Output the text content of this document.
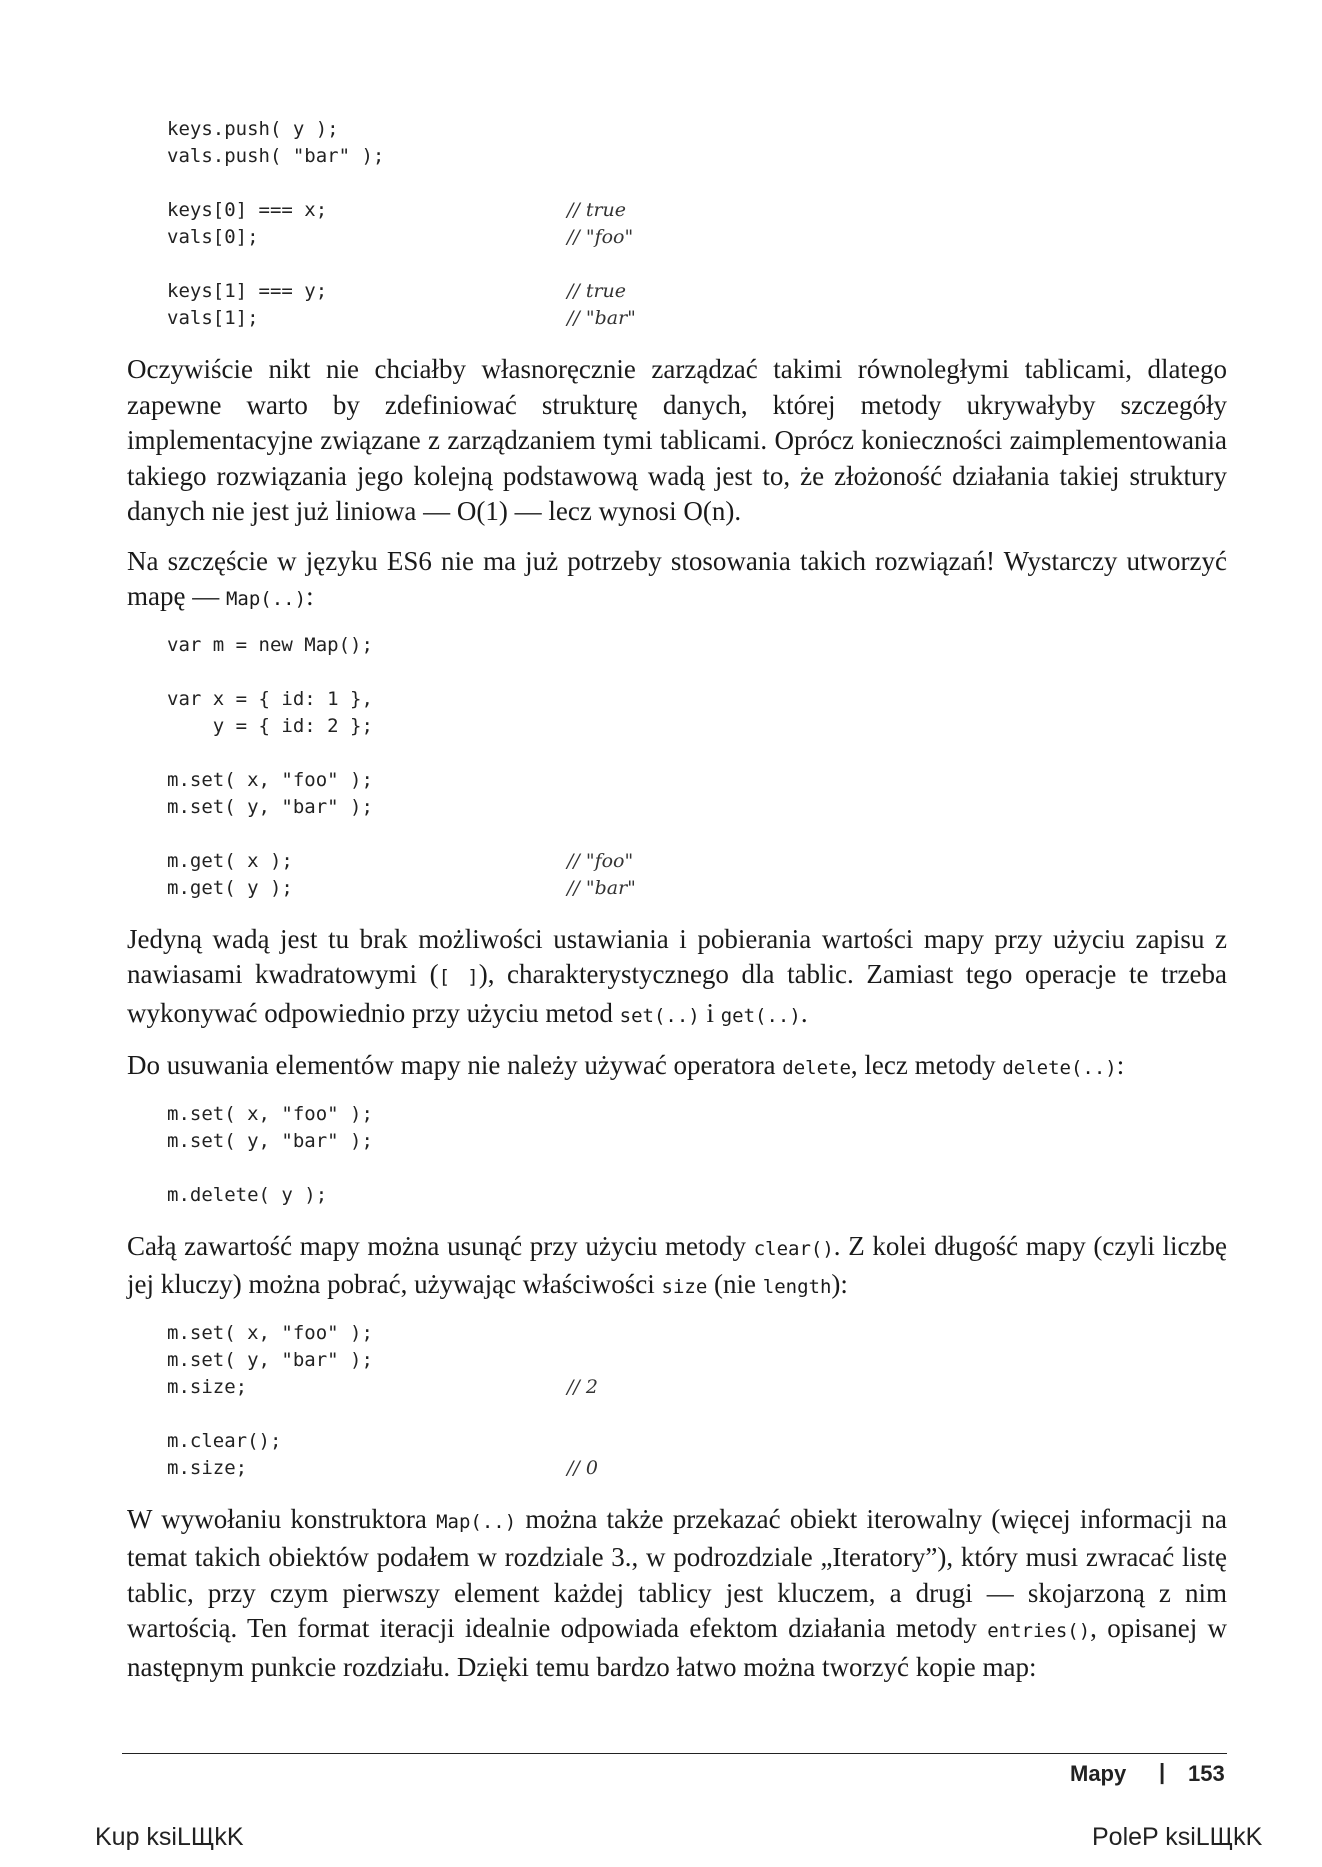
keys.push( y );
vals.push( "bar" );
keys[0] === x;	// true
vals[0];	// "foo"
keys[1] === y;	// true
vals[1];	// "bar"

Oczywiście nikt nie chciałby własnoręcznie zarządzać takimi równoległymi tablicami, dlatego zapewne warto by zdefiniować strukturę danych, której metody ukrywałyby szczegóły implementacyjne związane z zarządzaniem tymi tablicami. Oprócz konieczności zaimplementowania takiego rozwiązania jego kolejną podstawową wadą jest to, że złożoność działania takiej struktury danych nie jest już liniowa — O(1) — lecz wynosi O(n).

Na szczęście w języku ES6 nie ma już potrzeby stosowania takich rozwiązań! Wystarczy utworzyć mapę — Map(..):

var m = new Map();
var x = { id: 1 },
y = { id: 2 };
m.set( x, "foo" );
m.set( y, "bar" );
m.get( x );	// "foo"
m.get( y );	// "bar"

Jedyną wadą jest tu brak możliwości ustawiania i pobierania wartości mapy przy użyciu zapisu z nawiasami kwadratowymi ([ ]), charakterystycznego dla tablic. Zamiast tego operacje te trzeba wykonywać odpowiednio przy użyciu metod set(..) i get(..).

Do usuwania elementów mapy nie należy używać operatora delete, lecz metody delete(..):

m.set( x, "foo" );
m.set( y, "bar" );
m.delete( y );

Całą zawartość mapy można usunąć przy użyciu metody clear(). Z kolei długość mapy (czyli liczbę jej kluczy) można pobrać, używając właściwości size (nie length):

m.set( x, "foo" );
m.set( y, "bar" );
m.size;	// 2
m.clear();
m.size;	// 0

W wywołaniu konstruktora Map(..) można także przekazać obiekt iterowalny (więcej informacji na temat takich obiektów podałem w rozdziale 3., w podrozdziale „Iteratory”), który musi zwracać listę tablic, przy czym pierwszy element każdej tablicy jest kluczem, a drugi — skojarzoną z nim wartością. Ten format iteracji idealnie odpowiada efektom działania metody entries(), opisanej w następnym punkcie rozdziału. Dzięki temu bardzo łatwo można tworzyć kopie map:

Mapy | 153
Kup ksiLЩkK	PoleP ksiLЩkK
